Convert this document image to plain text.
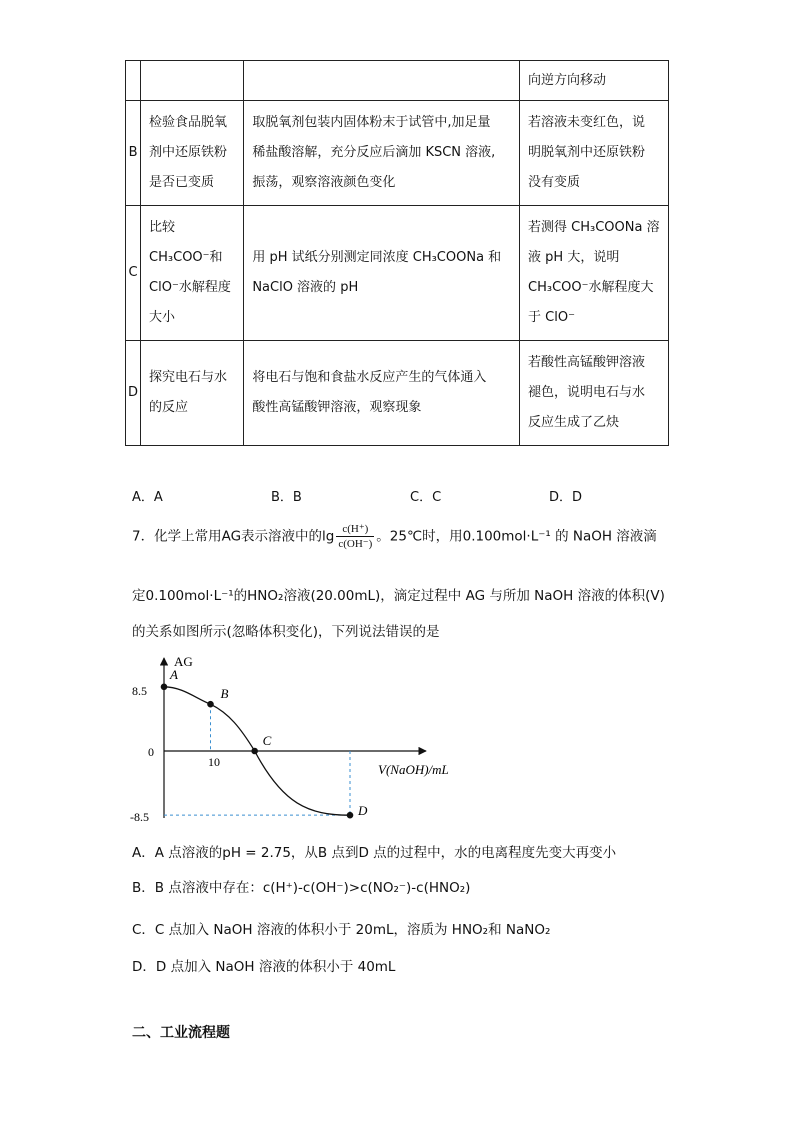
			向逆方向移动

B	检验食品脱氧
剂中还原铁粉
是否已变质	取脱氧剂包装内固体粉末于试管中,加足量
稀盐酸溶解，充分反应后滴加 KSCN 溶液,
振荡，观察溶液颜色变化	若溶液未变红色，说
明脱氧剂中还原铁粉
没有变质

C	比较
CH₃COO⁻和
ClO⁻水解程度
大小	用 pH 试纸分别测定同浓度 CH₃COONa 和
NaClO 溶液的 pH	若测得 CH₃COONa 溶
液 pH 大，说明
CH₃COO⁻水解程度大
于 ClO⁻

D	探究电石与水
的反应	将电石与饱和食盐水反应产生的气体通入
酸性高锰酸钾溶液，观察现象	若酸性高锰酸钾溶液
褪色，说明电石与水
反应生成了乙炔
A．A	B．B	C．C	D．D
7．化学上常用AG表示溶液中的$\lg \frac{c(H^+)}{c(OH^-)}$ 。25℃时，用0.100mol·L⁻¹ 的 NaOH 溶液滴
定0.100mol·L⁻¹的HNO₂溶液(20.00mL)，滴定过程中 AG 与所加 NaOH 溶液的体积(V)
的关系如图所示(忽略体积变化)，下列说法错误的是
A
B
C
D
AG
V(NaOH)/mL
8.5
0
-8.5
10
A．A 点溶液的pH = 2.75，从B 点到D 点的过程中，水的电离程度先变大再变小
B．B 点溶液中存在：c(H⁺)-c(OH⁻)>c(NO₂⁻)-c(HNO₂)
C．C 点加入 NaOH 溶液的体积小于 20mL，溶质为 HNO₂和 NaNO₂
D．D 点加入 NaOH 溶液的体积小于 40mL
二、工业流程题
